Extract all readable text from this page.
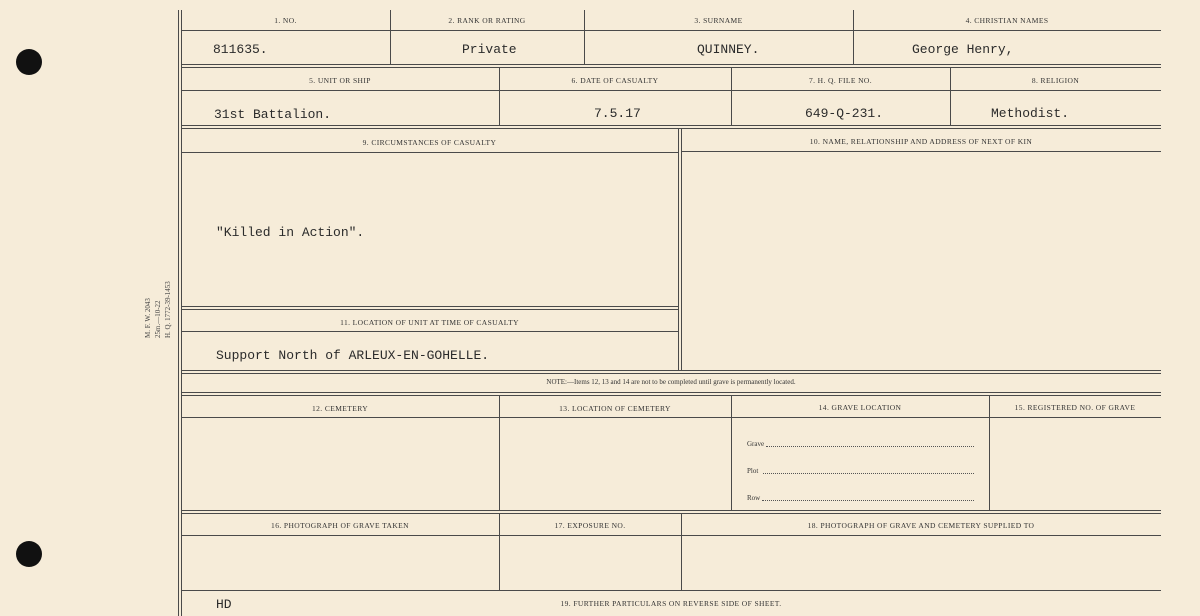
M. F. W. 2043 25m.—10-22 H. Q. 1772-39-1453
1. NO.	2. RANK OR RATING	3. SURNAME	4. CHRISTIAN NAMES
811635.	Private	QUINNEY.	George Henry,
5. UNIT OR SHIP	6. DATE OF CASUALTY	7. H. Q. FILE NO.	8. RELIGION
31st Battalion.	7.5.17	649-Q-231.	Methodist.
9. CIRCUMSTANCES OF CASUALTY	10. NAME, RELATIONSHIP AND ADDRESS OF NEXT OF KIN
"Killed in Action".
11. LOCATION OF UNIT AT TIME OF CASUALTY
Support North of ARLEUX-EN-GOHELLE.
NOTE:—Items 12, 13 and 14 are not to be completed until grave is permanently located.
12. CEMETERY	13. LOCATION OF CEMETERY	14. GRAVE LOCATION	15. REGISTERED NO. OF GRAVE
Grave
Plot
Row
16. PHOTOGRAPH OF GRAVE TAKEN	17. EXPOSURE NO.	18. PHOTOGRAPH OF GRAVE AND CEMETERY SUPPLIED TO
HD	19. FURTHER PARTICULARS ON REVERSE SIDE OF SHEET.
